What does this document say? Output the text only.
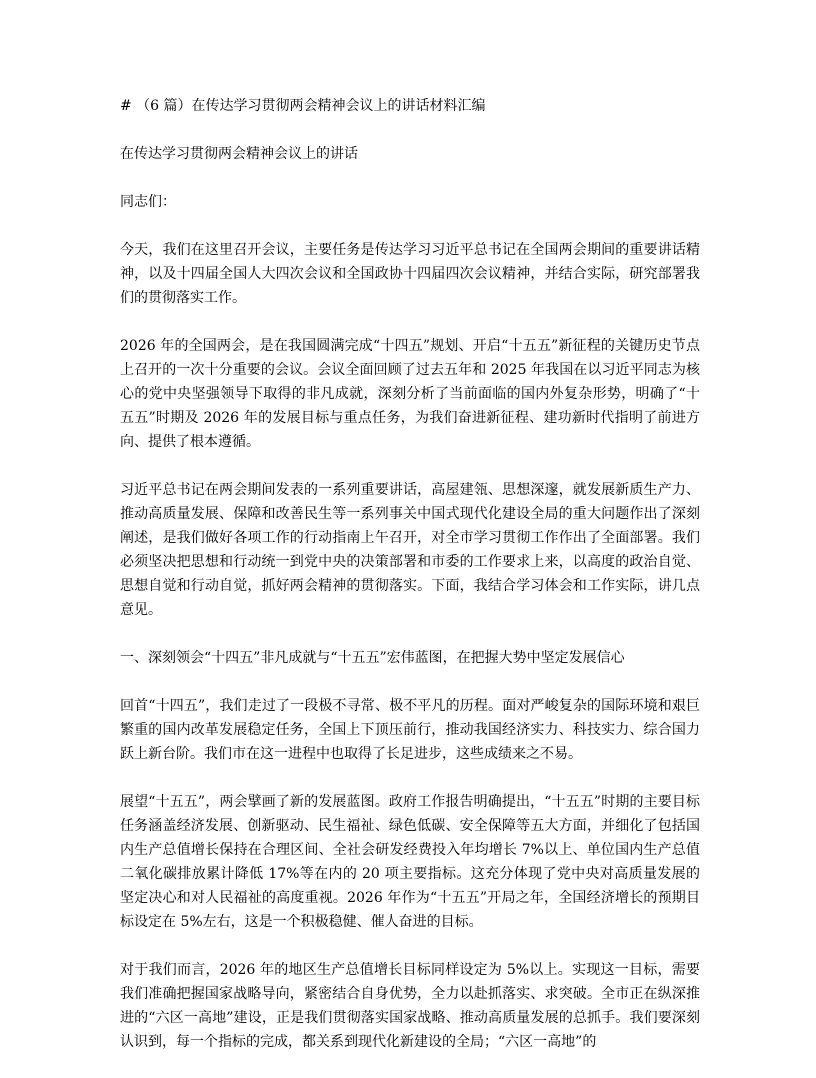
# （6 篇）在传达学习贯彻两会精神会议上的讲话材料汇编

在传达学习贯彻两会精神会议上的讲话

同志们：

今天，我们在这里召开会议，主要任务是传达学习习近平总书记在全国两会期间的重要讲话精神，以及十四届全国人大四次会议和全国政协十四届四次会议精神，并结合实际，研究部署我们的贯彻落实工作。

2026 年的全国两会，是在我国圆满完成“十四五”规划、开启“十五五”新征程的关键历史节点上召开的一次十分重要的会议。会议全面回顾了过去五年和 2025 年我国在以习近平同志为核心的党中央坚强领导下取得的非凡成就，深刻分析了当前面临的国内外复杂形势，明确了“十五五”时期及 2026 年的发展目标与重点任务，为我们奋进新征程、建功新时代指明了前进方向、提供了根本遵循。

习近平总书记在两会期间发表的一系列重要讲话，高屋建瓴、思想深邃，就发展新质生产力、推动高质量发展、保障和改善民生等一系列事关中国式现代化建设全局的重大问题作出了深刻阐述，是我们做好各项工作的行动指南上午召开，对全市学习贯彻工作作出了全面部署。我们必须坚决把思想和行动统一到党中央的决策部署和市委的工作要求上来，以高度的政治自觉、思想自觉和行动自觉，抓好两会精神的贯彻落实。下面，我结合学习体会和工作实际，讲几点意见。

一、深刻领会“十四五”非凡成就与“十五五”宏伟蓝图，在把握大势中坚定发展信心

回首“十四五”，我们走过了一段极不寻常、极不平凡的历程。面对严峻复杂的国际环境和艰巨繁重的国内改革发展稳定任务，全国上下顶压前行，推动我国经济实力、科技实力、综合国力跃上新台阶。我们市在这一进程中也取得了长足进步，这些成绩来之不易。

展望“十五五”，两会擘画了新的发展蓝图。政府工作报告明确提出，“十五五”时期的主要目标任务涵盖经济发展、创新驱动、民生福祉、绿色低碳、安全保障等五大方面，并细化了包括国内生产总值增长保持在合理区间、全社会研发经费投入年均增长 7%以上、单位国内生产总值二氧化碳排放累计降低 17%等在内的 20 项主要指标。这充分体现了党中央对高质量发展的坚定决心和对人民福祉的高度重视。2026 年作为“十五五”开局之年，全国经济增长的预期目标设定在 5%左右，这是一个积极稳健、催人奋进的目标。

对于我们而言，2026 年的地区生产总值增长目标同样设定为 5%以上。实现这一目标，需要我们准确把握国家战略导向，紧密结合自身优势，全力以赴抓落实、求突破。全市正在纵深推进的“六区一高地”建设，正是我们贯彻落实国家战略、推动高质量发展的总抓手。我们要深刻认识到，每一个指标的完成，都关系到现代化新建设的全局；“六区一高地”的
